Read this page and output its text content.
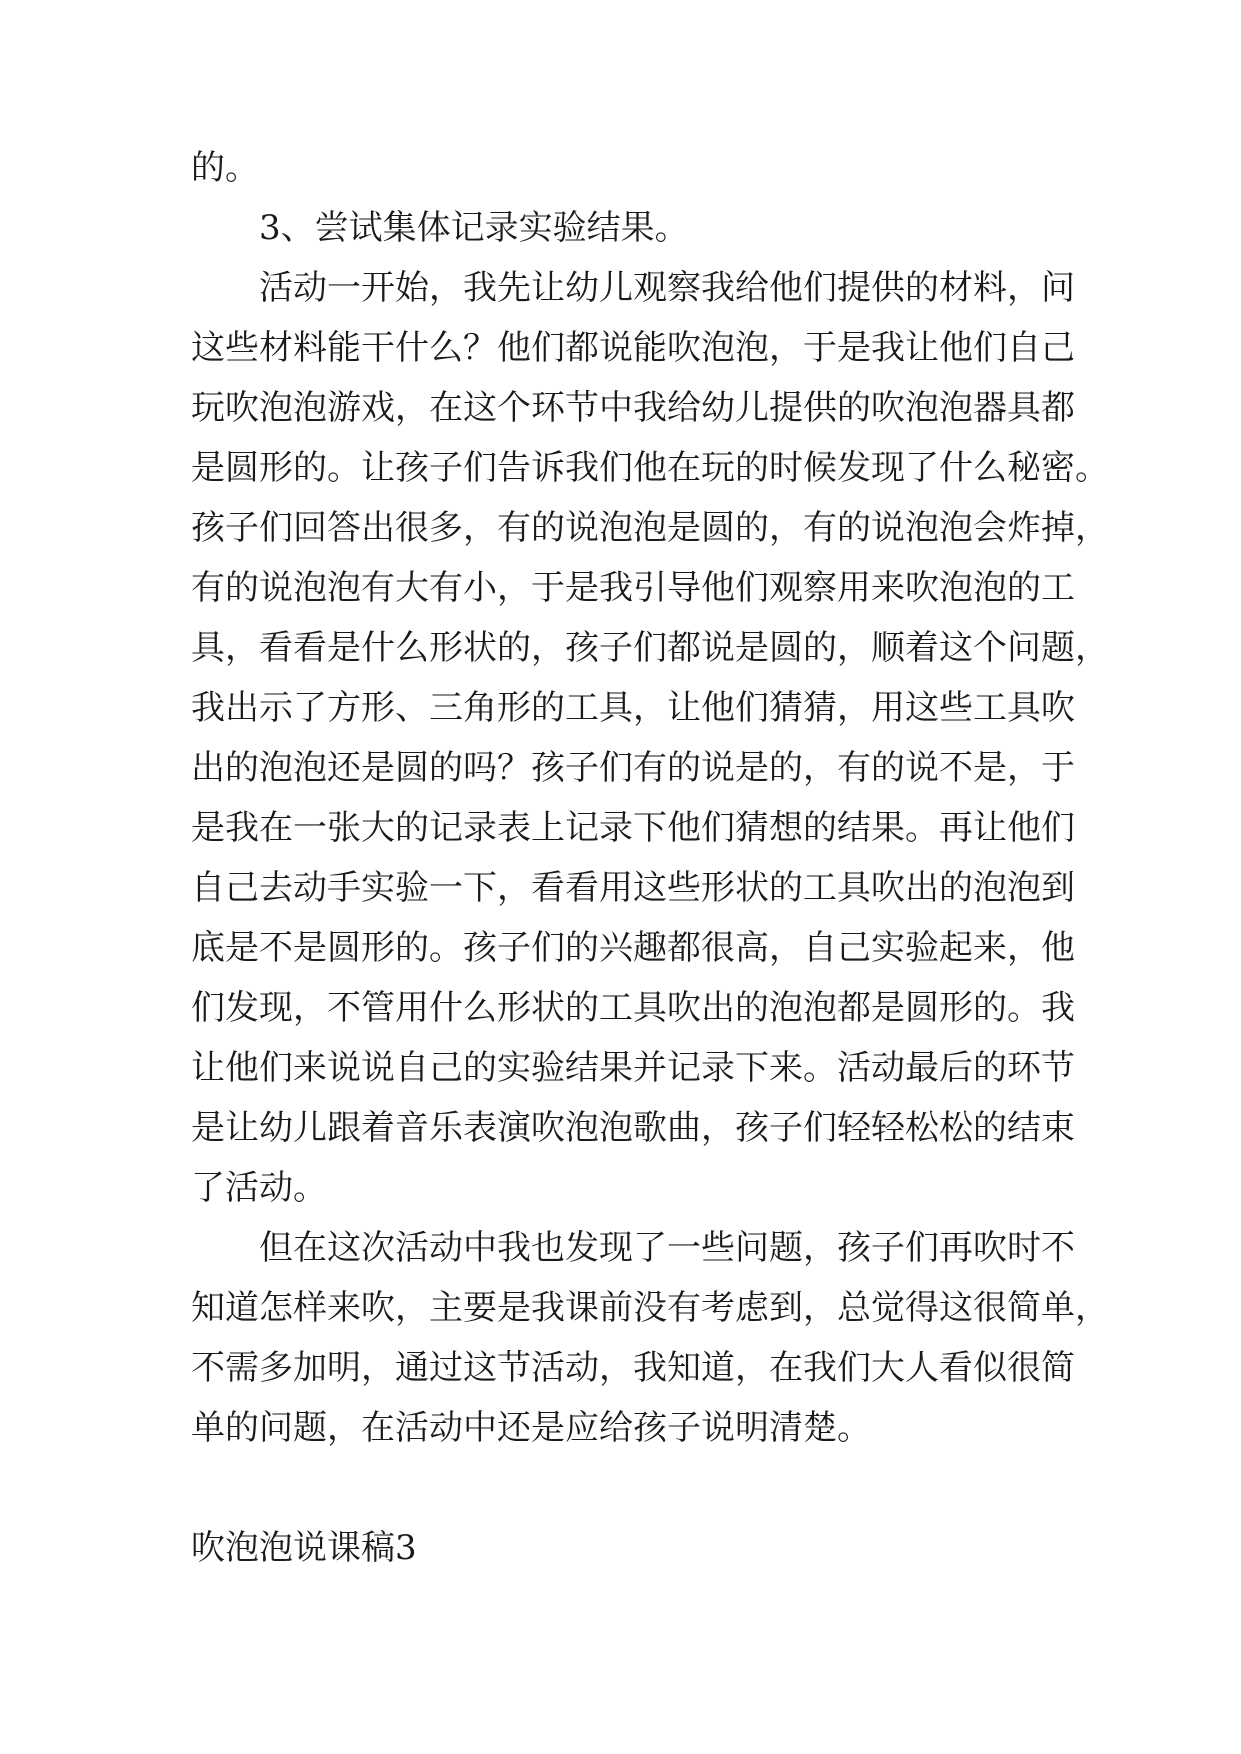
的。
3、尝试集体记录实验结果。
活动一开始，我先让幼儿观察我给他们提供的材料，问
这些材料能干什么？他们都说能吹泡泡，于是我让他们自己
玩吹泡泡游戏，在这个环节中我给幼儿提供的吹泡泡器具都
是圆形的。让孩子们告诉我们他在玩的时候发现了什么秘密。
孩子们回答出很多，有的说泡泡是圆的，有的说泡泡会炸掉，
有的说泡泡有大有小，于是我引导他们观察用来吹泡泡的工
具，看看是什么形状的，孩子们都说是圆的，顺着这个问题，
我出示了方形、三角形的工具，让他们猜猜，用这些工具吹
出的泡泡还是圆的吗？孩子们有的说是的，有的说不是，于
是我在一张大的记录表上记录下他们猜想的结果。再让他们
自己去动手实验一下，看看用这些形状的工具吹出的泡泡到
底是不是圆形的。孩子们的兴趣都很高，自己实验起来，他
们发现，不管用什么形状的工具吹出的泡泡都是圆形的。我
让他们来说说自己的实验结果并记录下来。活动最后的环节
是让幼儿跟着音乐表演吹泡泡歌曲，孩子们轻轻松松的结束
了活动。
但在这次活动中我也发现了一些问题，孩子们再吹时不
知道怎样来吹，主要是我课前没有考虑到，总觉得这很简单，
不需多加明，通过这节活动，我知道，在我们大人看似很简
单的问题，在活动中还是应给孩子说明清楚。
吹泡泡说课稿3
